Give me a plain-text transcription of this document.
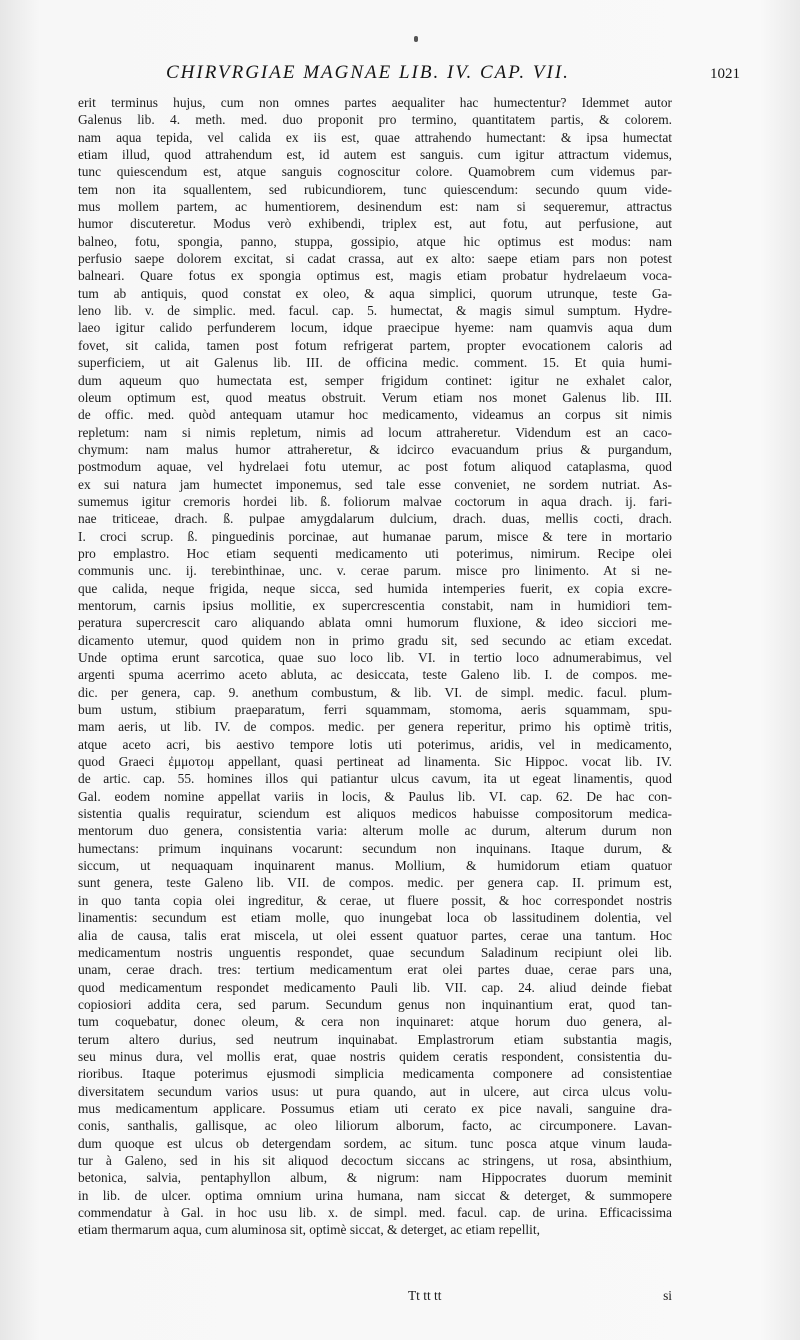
CHIRVRGIAE MAGNAE LIB. IV. CAP. VII.	1021
erit terminus hujus, cum non omnes partes aequaliter hac humectentur? Idemmet autor
Galenus lib. 4. meth. med. duo proponit pro termino, quantitatem partis, & colorem.
nam aqua tepida, vel calida ex iis est, quae attrahendo humectant: & ipsa humectat
etiam illud, quod attrahendum est, id autem est sanguis. cum igitur attractum videmus,
tunc quiescendum est, atque sanguis cognoscitur colore. Quamobrem cum videmus par-
tem non ita squallentem, sed rubicundiorem, tunc quiescendum: secundo quum vide-
mus mollem partem, ac humentiorem, desinendum est: nam si sequeremur, attractus
humor discuteretur. Modus verò exhibendi, triplex est, aut fotu, aut perfusione, aut
balneo, fotu, spongia, panno, stuppa, gossipio, atque hic optimus est modus: nam
perfusio saepe dolorem excitat, si cadat crassa, aut ex alto: saepe etiam pars non potest
balneari. Quare fotus ex spongia optimus est, magis etiam probatur hydrelaeum voca-
tum ab antiquis, quod constat ex oleo, & aqua simplici, quorum utrunque, teste Ga-
leno lib. v. de simplic. med. facul. cap. 5. humectat, & magis simul sumptum. Hydre-
laeo igitur calido perfunderem locum, idque praecipue hyeme: nam quamvis aqua dum
fovet, sit calida, tamen post fotum refrigerat partem, propter evocationem caloris ad
superficiem, ut ait Galenus lib. III. de officina medic. comment. 15. Et quia humi-
dum aqueum quo humectata est, semper frigidum continet: igitur ne exhalet calor,
oleum optimum est, quod meatus obstruit. Verum etiam nos monet Galenus lib. III.
de offic. med. quòd antequam utamur hoc medicamento, videamus an corpus sit nimis
repletum: nam si nimis repletum, nimis ad locum attraheretur. Videndum est an caco-
chymum: nam malus humor attraheretur, & idcirco evacuandum prius & purgandum,
postmodum aquae, vel hydrelaei fotu utemur, ac post fotum aliquod cataplasma, quod
ex sui natura jam humectet imponemus, sed tale esse conveniet, ne sordem nutriat. As-
sumemus igitur cremoris hordei lib. ß. foliorum malvae coctorum in aqua drach. ij. fari-
nae triticeae, drach. ß. pulpae amygdalarum dulcium, drach. duas, mellis cocti, drach.
I. croci scrup. ß. pinguedinis porcinae, aut humanae parum, misce & tere in mortario
pro emplastro. Hoc etiam sequenti medicamento uti poterimus, nimirum. Recipe olei
communis unc. ij. terebinthinae, unc. v. cerae parum. misce pro linimento. At si ne-
que calida, neque frigida, neque sicca, sed humida intemperies fuerit, ex copia excre-
mentorum, carnis ipsius mollitie, ex supercrescentia constabit, nam in humidiori tem-
peratura supercrescit caro aliquando ablata omni humorum fluxione, & ideo sicciori me-
dicamento utemur, quod quidem non in primo gradu sit, sed secundo ac etiam excedat.
Unde optima erunt sarcotica, quae suo loco lib. VI. in tertio loco adnumerabimus, vel
argenti spuma acerrimo aceto abluta, ac desiccata, teste Galeno lib. I. de compos. me-
dic. per genera, cap. 9. anethum combustum, & lib. VI. de simpl. medic. facul. plum-
bum ustum, stibium praeparatum, ferri squammam, stomoma, aeris squammam, spu-
mam aeris, ut lib. IV. de compos. medic. per genera reperitur, primo his optimè tritis,
atque aceto acri, bis aestivo tempore lotis uti poterimus, aridis, vel in medicamento,
quod Graeci ἐμμοτομ appellant, quasi pertineat ad linamenta. Sic Hippoc. vocat lib. IV.
de artic. cap. 55. homines illos qui patiantur ulcus cavum, ita ut egeat linamentis, quod
Gal. eodem nomine appellat variis in locis, & Paulus lib. VI. cap. 62. De hac con-
sistentia qualis requiratur, sciendum est aliquos medicos habuisse compositorum medica-
mentorum duo genera, consistentia varia: alterum molle ac durum, alterum durum non
humectans: primum inquinans vocarunt: secundum non inquinans. Itaque durum, &
siccum, ut nequaquam inquinarent manus. Mollium, & humidorum etiam quatuor
sunt genera, teste Galeno lib. VII. de compos. medic. per genera cap. II. primum est,
in quo tanta copia olei ingreditur, & cerae, ut fluere possit, & hoc correspondet nostris
linamentis: secundum est etiam molle, quo inungebat loca ob lassitudinem dolentia, vel
alia de causa, talis erat miscela, ut olei essent quatuor partes, cerae una tantum. Hoc
medicamentum nostris unguentis respondet, quae secundum Saladinum recipiunt olei lib.
unam, cerae drach. tres: tertium medicamentum erat olei partes duae, cerae pars una,
quod medicamentum respondet medicamento Pauli lib. VII. cap. 24. aliud deinde fiebat
copiosiori addita cera, sed parum. Secundum genus non inquinantium erat, quod tan-
tum coquebatur, donec oleum, & cera non inquinaret: atque horum duo genera, al-
terum altero durius, sed neutrum inquinabat. Emplastrorum etiam substantia magis,
seu minus dura, vel mollis erat, quae nostris quidem ceratis respondent, consistentia du-
rioribus. Itaque poterimus ejusmodi simplicia medicamenta componere ad consistentiae
diversitatem secundum varios usus: ut pura quando, aut in ulcere, aut circa ulcus volu-
mus medicamentum applicare. Possumus etiam uti cerato ex pice navali, sanguine dra-
conis, santhalis, gallisque, ac oleo liliorum alborum, facto, ac circumponere. Lavan-
dum quoque est ulcus ob detergendam sordem, ac situm. tunc posca atque vinum lauda-
tur à Galeno, sed in his sit aliquod decoctum siccans ac stringens, ut rosa, absinthium,
betonica, salvia, pentaphyllon album, & nigrum: nam Hippocrates duorum meminit
in lib. de ulcer. optima omnium urina humana, nam siccat & deterget, & summopere
commendatur à Gal. in hoc usu lib. x. de simpl. med. facul. cap. de urina. Efficacissima
etiam thermarum aqua, cum aluminosa sit, optimè siccat, & deterget, ac etiam repellit,
Tt tt tt	si
